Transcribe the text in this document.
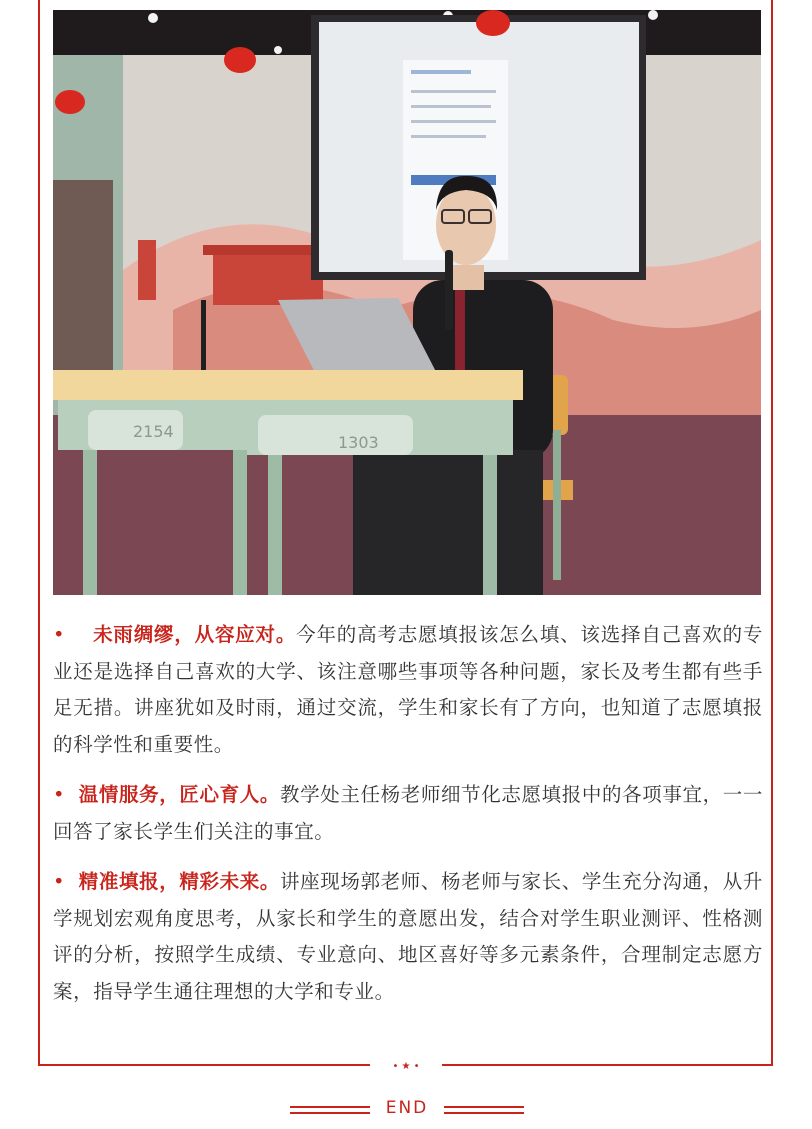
2154
1303

• 未雨绸缪，从容应对。今年的高考志愿填报该怎么填、该选择自己喜欢的专业还是选择自己喜欢的大学、该注意哪些事项等各种问题，家长及考生都有些手足无措。讲座犹如及时雨，通过交流，学生和家长有了方向，也知道了志愿填报的科学性和重要性。

• 温情服务，匠心育人。教学处主任杨老师细节化志愿填报中的各项事宜，一一回答了家长学生们关注的事宜。

• 精准填报，精彩未来。讲座现场郭老师、杨老师与家长、学生充分沟通，从升学规划宏观角度思考，从家长和学生的意愿出发，结合对学生职业测评、性格测评的分析，按照学生成绩、专业意向、地区喜好等多元素条件，合理制定志愿方案，指导学生通往理想的大学和专业。

• ★ •
END
